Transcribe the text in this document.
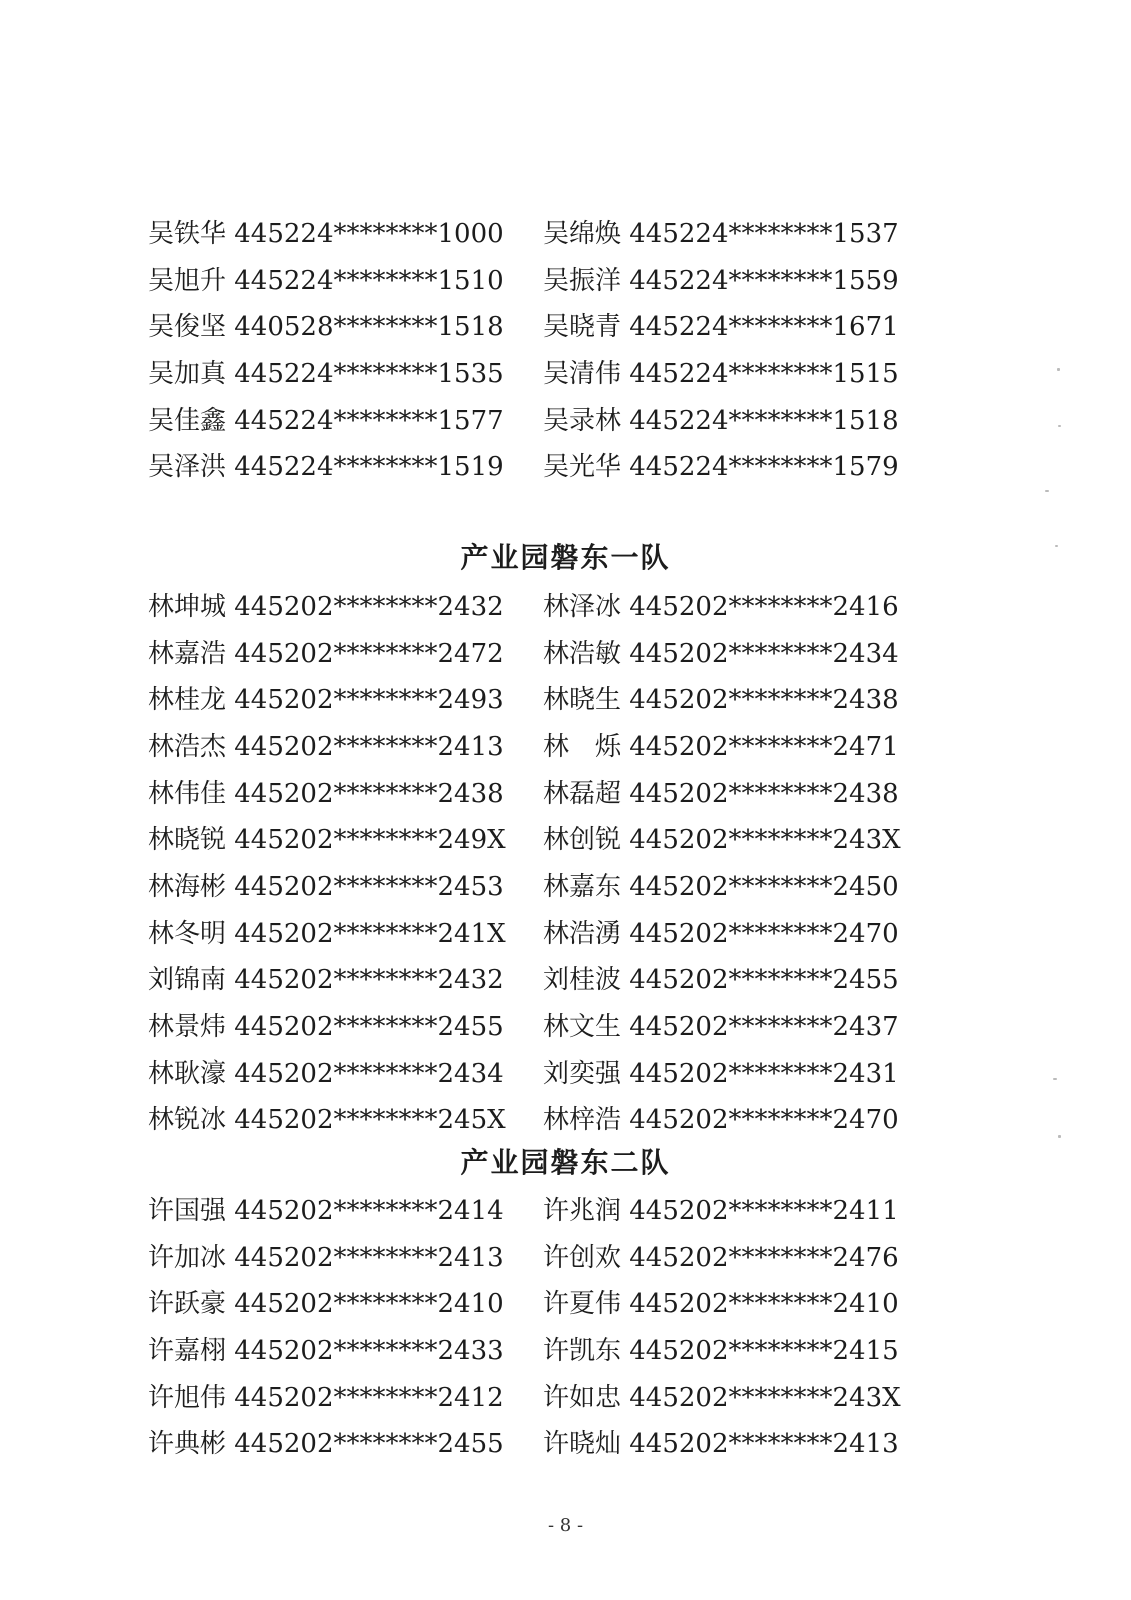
吴铁华 445224********1000	吴绵焕 445224********1537
吴旭升 445224********1510	吴振洋 445224********1559
吴俊坚 440528********1518	吴晓青 445224********1671
吴加真 445224********1535	吴清伟 445224********1515
吴佳鑫 445224********1577	吴录林 445224********1518
吴泽洪 445224********1519	吴光华 445224********1579
产业园磐东一队
林坤城 445202********2432	林泽冰 445202********2416
林嘉浩 445202********2472	林浩敏 445202********2434
林桂龙 445202********2493	林晓生 445202********2438
林浩杰 445202********2413	林　烁 445202********2471
林伟佳 445202********2438	林磊超 445202********2438
林晓锐 445202********249X	林创锐 445202********243X
林海彬 445202********2453	林嘉东 445202********2450
林冬明 445202********241X	林浩湧 445202********2470
刘锦南 445202********2432	刘桂波 445202********2455
林景炜 445202********2455	林文生 445202********2437
林耿濠 445202********2434	刘奕强 445202********2431
林锐冰 445202********245X	林梓浩 445202********2470
产业园磐东二队
许国强 445202********2414	许兆润 445202********2411
许加冰 445202********2413	许创欢 445202********2476
许跃豪 445202********2410	许夏伟 445202********2410
许嘉栩 445202********2433	许凯东 445202********2415
许旭伟 445202********2412	许如忠 445202********243X
许典彬 445202********2455	许晓灿 445202********2413
- 8 -
